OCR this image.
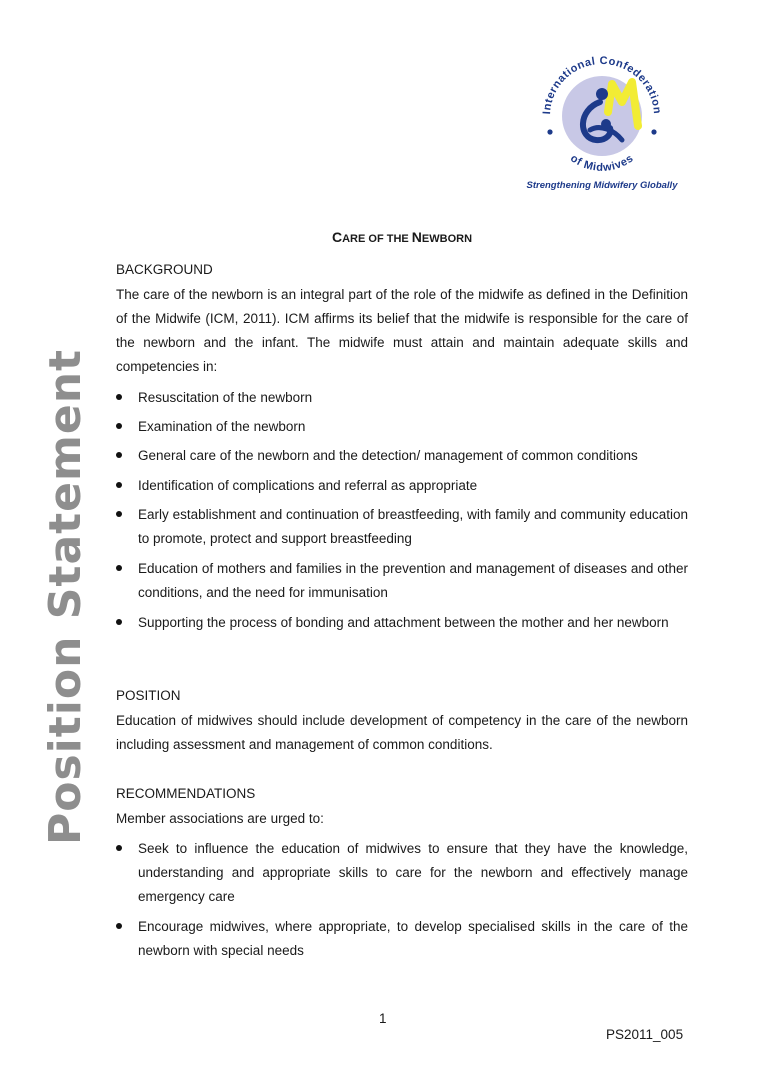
Position Statement
International Confederation
of Midwives
Strengthening Midwifery Globally
CARE OF THE NEWBORN
BACKGROUND

The care of the newborn is an integral part of the role of the midwife as defined in the Definition of the Midwife (ICM, 2011). ICM affirms its belief that the midwife is responsible for the care of the newborn and the infant. The midwife must attain and maintain adequate skills and competencies in:

Resuscitation of the newborn
Examination of the newborn
General care of the newborn and the detection/ management of common conditions
Identification of complications and referral as appropriate
Early establishment and continuation of breastfeeding, with family and community education to promote, protect and support breastfeeding
Education of mothers and families in the prevention and management of diseases and other conditions, and the need for immunisation
Supporting the process of bonding and attachment between the mother and her newborn
POSITION

Education of midwives should include development of competency in the care of the newborn including assessment and management of common conditions.

RECOMMENDATIONS

Member associations are urged to:

Seek to influence the education of midwives to ensure that they have the knowledge, understanding and appropriate skills to care for the newborn and effectively manage emergency care
Encourage midwives, where appropriate, to develop specialised skills in the care of the newborn with special needs
1
PS2011_005
